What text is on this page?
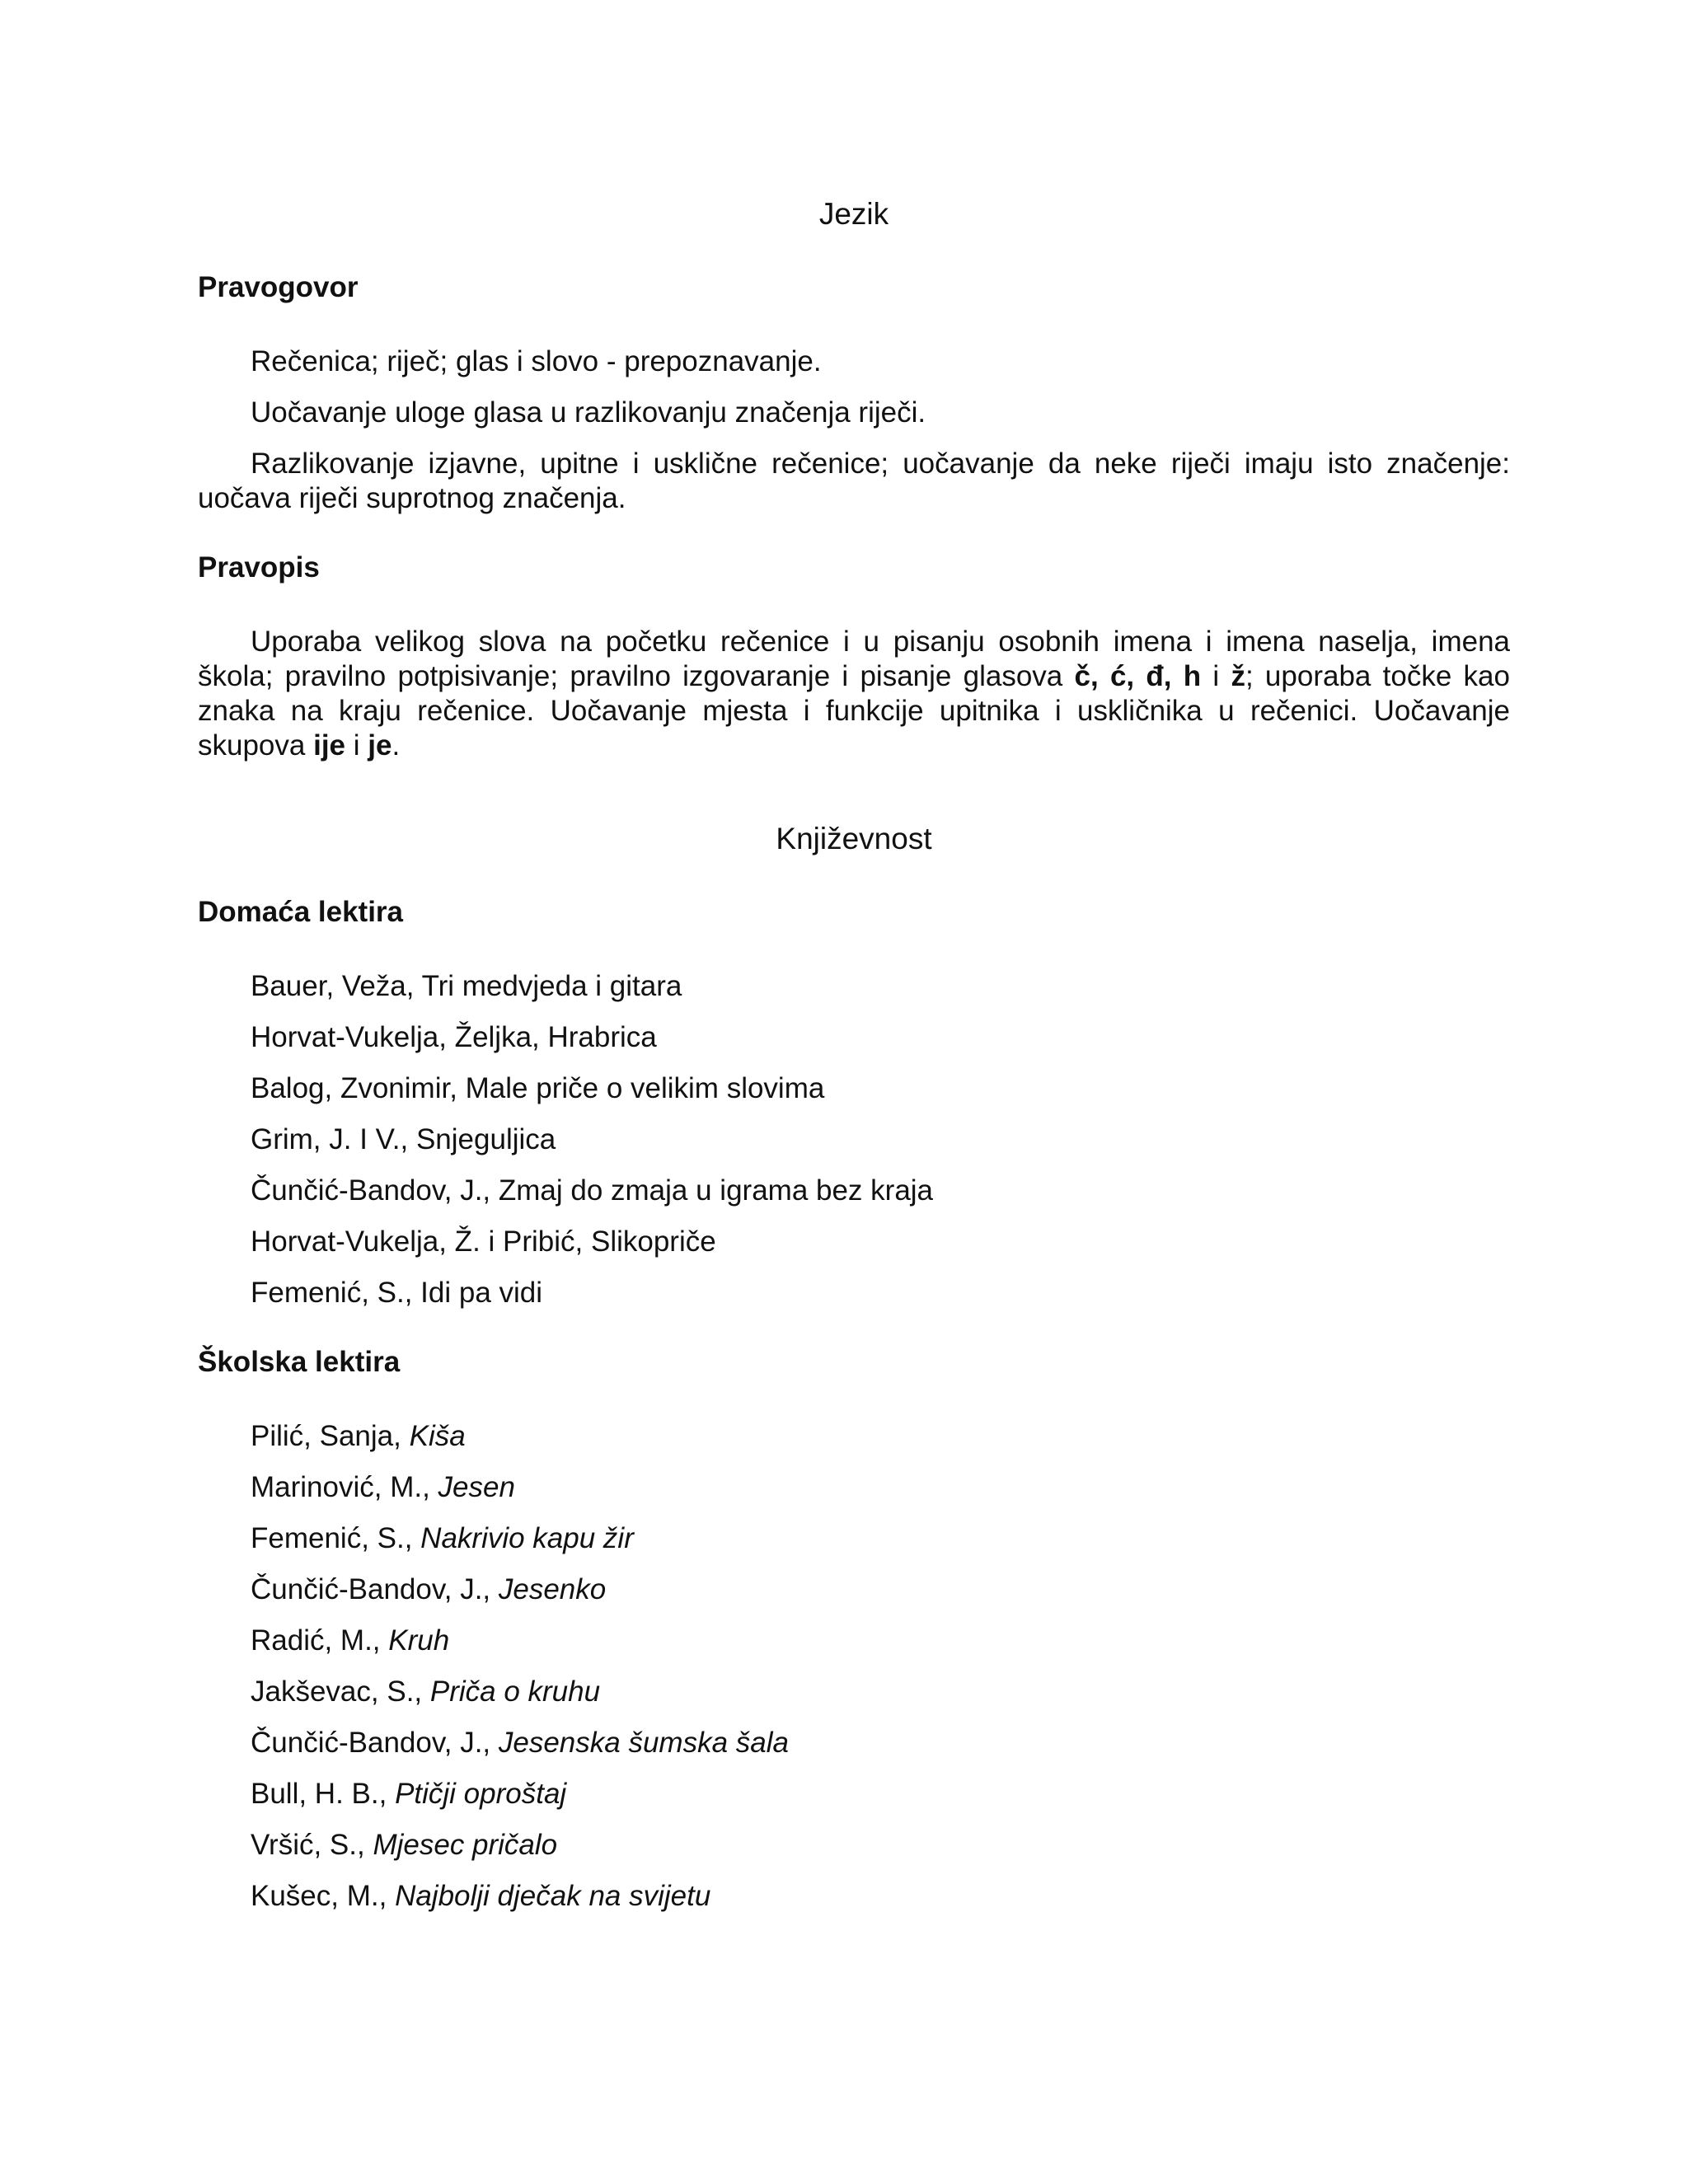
Jezik
Pravogovor
Rečenica; riječ; glas i slovo - prepoznavanje.
Uočavanje uloge glasa u razlikovanju značenja riječi.
Razlikovanje izjavne, upitne i usklične rečenice; uočavanje da neke riječi imaju isto značenje: uočava riječi suprotnog značenja.
Pravopis
Uporaba velikog slova na početku rečenice i u pisanju osobnih imena i imena naselja, imena škola; pravilno potpisivanje; pravilno izgovaranje i pisanje glasova č, ć, đ, h i ž; uporaba točke kao znaka na kraju rečenice. Uočavanje mjesta i funkcije upitnika i uskličnika u rečenici. Uočavanje skupova ije i je.
Književnost
Domaća lektira
Bauer, Veža, Tri medvjeda i gitara
Horvat-Vukelja, Željka, Hrabrica
Balog, Zvonimir, Male priče o velikim slovima
Grim, J. I V., Snjeguljica
Čunčić-Bandov, J., Zmaj do zmaja u igrama bez kraja
Horvat-Vukelja, Ž. i Pribić, Slikopriče
Femenić, S., Idi pa vidi
Školska lektira
Pilić, Sanja, Kiša
Marinović, M., Jesen
Femenić, S., Nakrivio kapu žir
Čunčić-Bandov, J., Jesenko
Radić, M., Kruh
Jakševac, S., Priča o kruhu
Čunčić-Bandov, J., Jesenska šumska šala
Bull, H. B., Ptičji oproštaj
Vršić, S., Mjesec pričalo
Kušec, M., Najbolji dječak na svijetu
